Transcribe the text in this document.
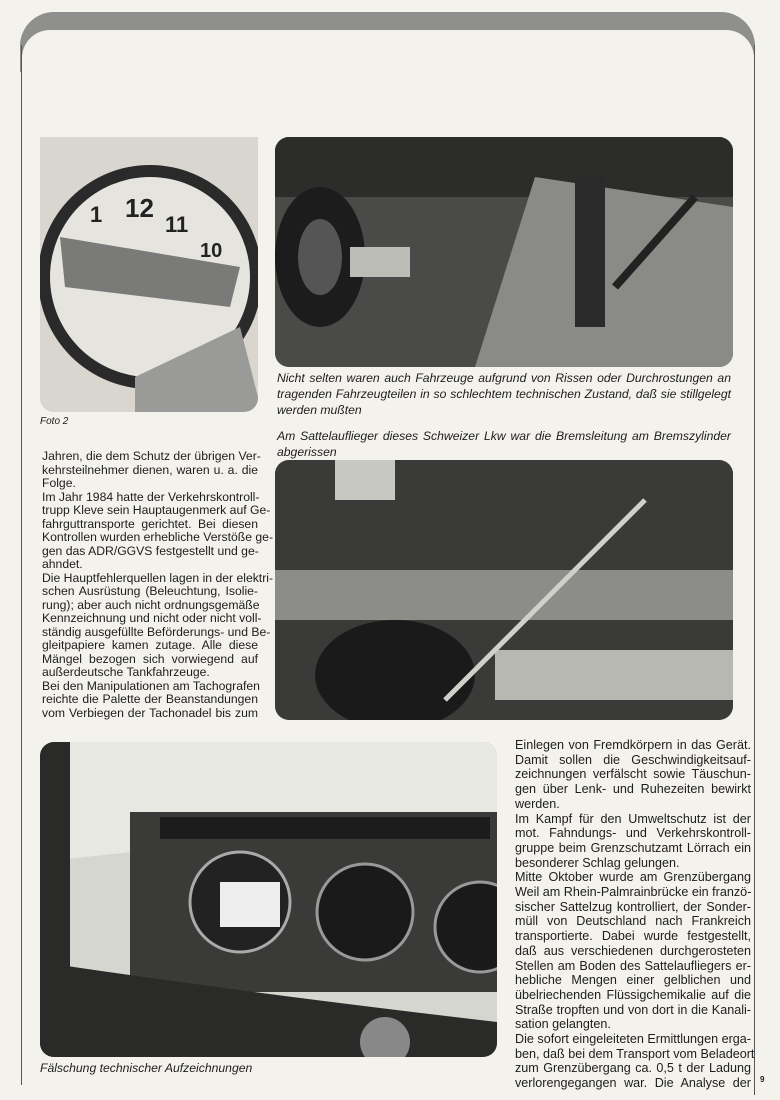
12
1	11
10
Foto 2
Nicht selten waren auch Fahrzeuge aufgrund von Rissen oder Durchrostungen an
tragenden Fahrzeugteilen in so schlechtem technischen Zustand, daß sie stillgelegt
werden mußten
Am Sattelauflieger dieses Schweizer Lkw war die Bremsleitung am Bremszylinder
abgerissen
Jahren, die dem Schutz der übrigen Ver-
kehrsteilnehmer dienen, waren u. a. die
Folge.
Im Jahr 1984 hatte der Verkehrskontroll-
trupp Kleve sein Hauptaugenmerk auf Ge-
fahrguttransporte gerichtet. Bei diesen
Kontrollen wurden erhebliche Verstöße ge-
gen das ADR/GGVS festgestellt und ge-
ahndet.
Die Hauptfehlerquellen lagen in der elektri-
schen Ausrüstung (Beleuchtung, Isolie-
rung); aber auch nicht ordnungsgemäße
Kennzeichnung und nicht oder nicht voll-
ständig ausgefüllte Beförderungs- und Be-
gleitpapiere kamen zutage. Alle diese
Mängel bezogen sich vorwiegend auf
außerdeutsche Tankfahrzeuge.
Bei den Manipulationen am Tachografen
reichte die Palette der Beanstandungen
vom Verbiegen der Tachonadel bis zum
Fälschung technischer Aufzeichnungen
Einlegen von Fremdkörpern in das Gerät.
Damit sollen die Geschwindigkeitsauf-
zeichnungen verfälscht sowie Täuschun-
gen über Lenk- und Ruhezeiten bewirkt
werden.
Im Kampf für den Umweltschutz ist der
mot. Fahndungs- und Verkehrskontroll-
gruppe beim Grenzschutzamt Lörrach ein
besonderer Schlag gelungen.
Mitte Oktober wurde am Grenzübergang
Weil am Rhein-Palmrainbrücke ein franzö-
sischer Sattelzug kontrolliert, der Sonder-
müll von Deutschland nach Frankreich
transportierte. Dabei wurde festgestellt,
daß aus verschiedenen durchgerosteten
Stellen am Boden des Sattelaufliegers er-
hebliche Mengen einer gelblichen und
übelriechenden Flüssigchemikalie auf die
Straße tropften und von dort in die Kanali-
sation gelangten.
Die sofort eingeleiteten Ermittlungen erga-
ben, daß bei dem Transport vom Beladeort
zum Grenzübergang ca. 0,5 t der Ladung
verlorengegangen war. Die Analyse der 9
